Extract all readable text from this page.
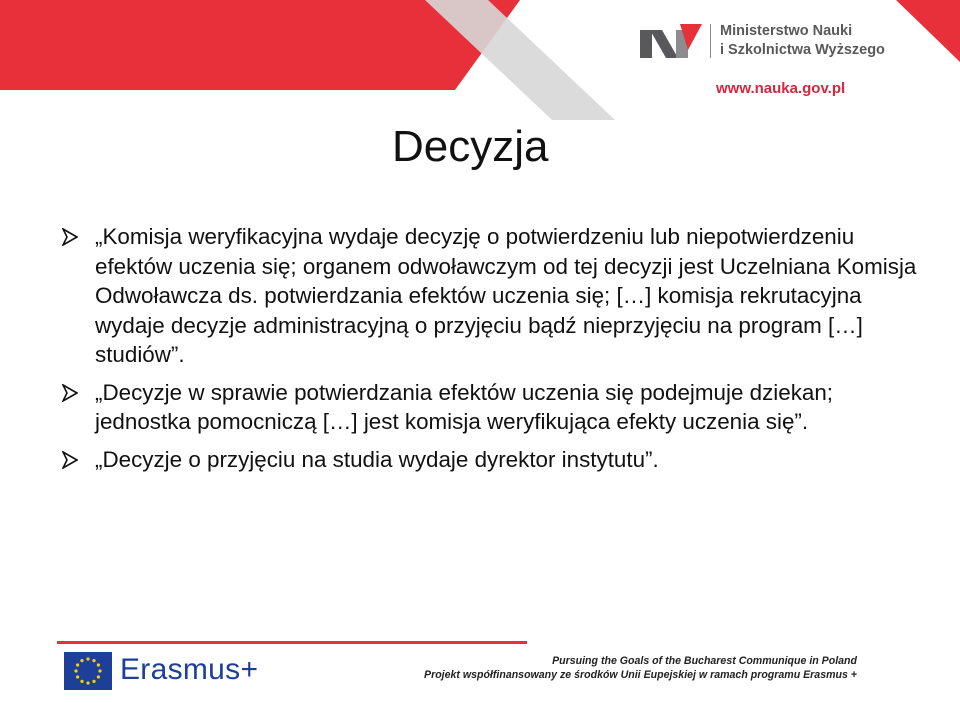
Ministerstwo Nauki
i Szkolnictwa Wyższego
www.nauka.gov.pl
Decyzja
„Komisja weryfikacyjna wydaje decyzję o potwierdzeniu lub niepotwierdzeniu efektów uczenia się; organem odwoławczym od tej decyzji jest Uczelniana Komisja Odwoławcza ds. potwierdzania efektów uczenia się; […] komisja rekrutacyjna wydaje decyzje administracyjną o przyjęciu bądź nieprzyjęciu na program […] studiów”.
„Decyzje w sprawie potwierdzania efektów uczenia się podejmuje dziekan; jednostka pomocniczą […] jest komisja weryfikująca efekty uczenia się”.
„Decyzje o przyjęciu na studia wydaje dyrektor instytutu”.
Erasmus+	Pursuing the Goals of the Bucharest Communique in Poland
Projekt współfinansowany ze środków Unii Eupejskiej w ramach programu Erasmus +
